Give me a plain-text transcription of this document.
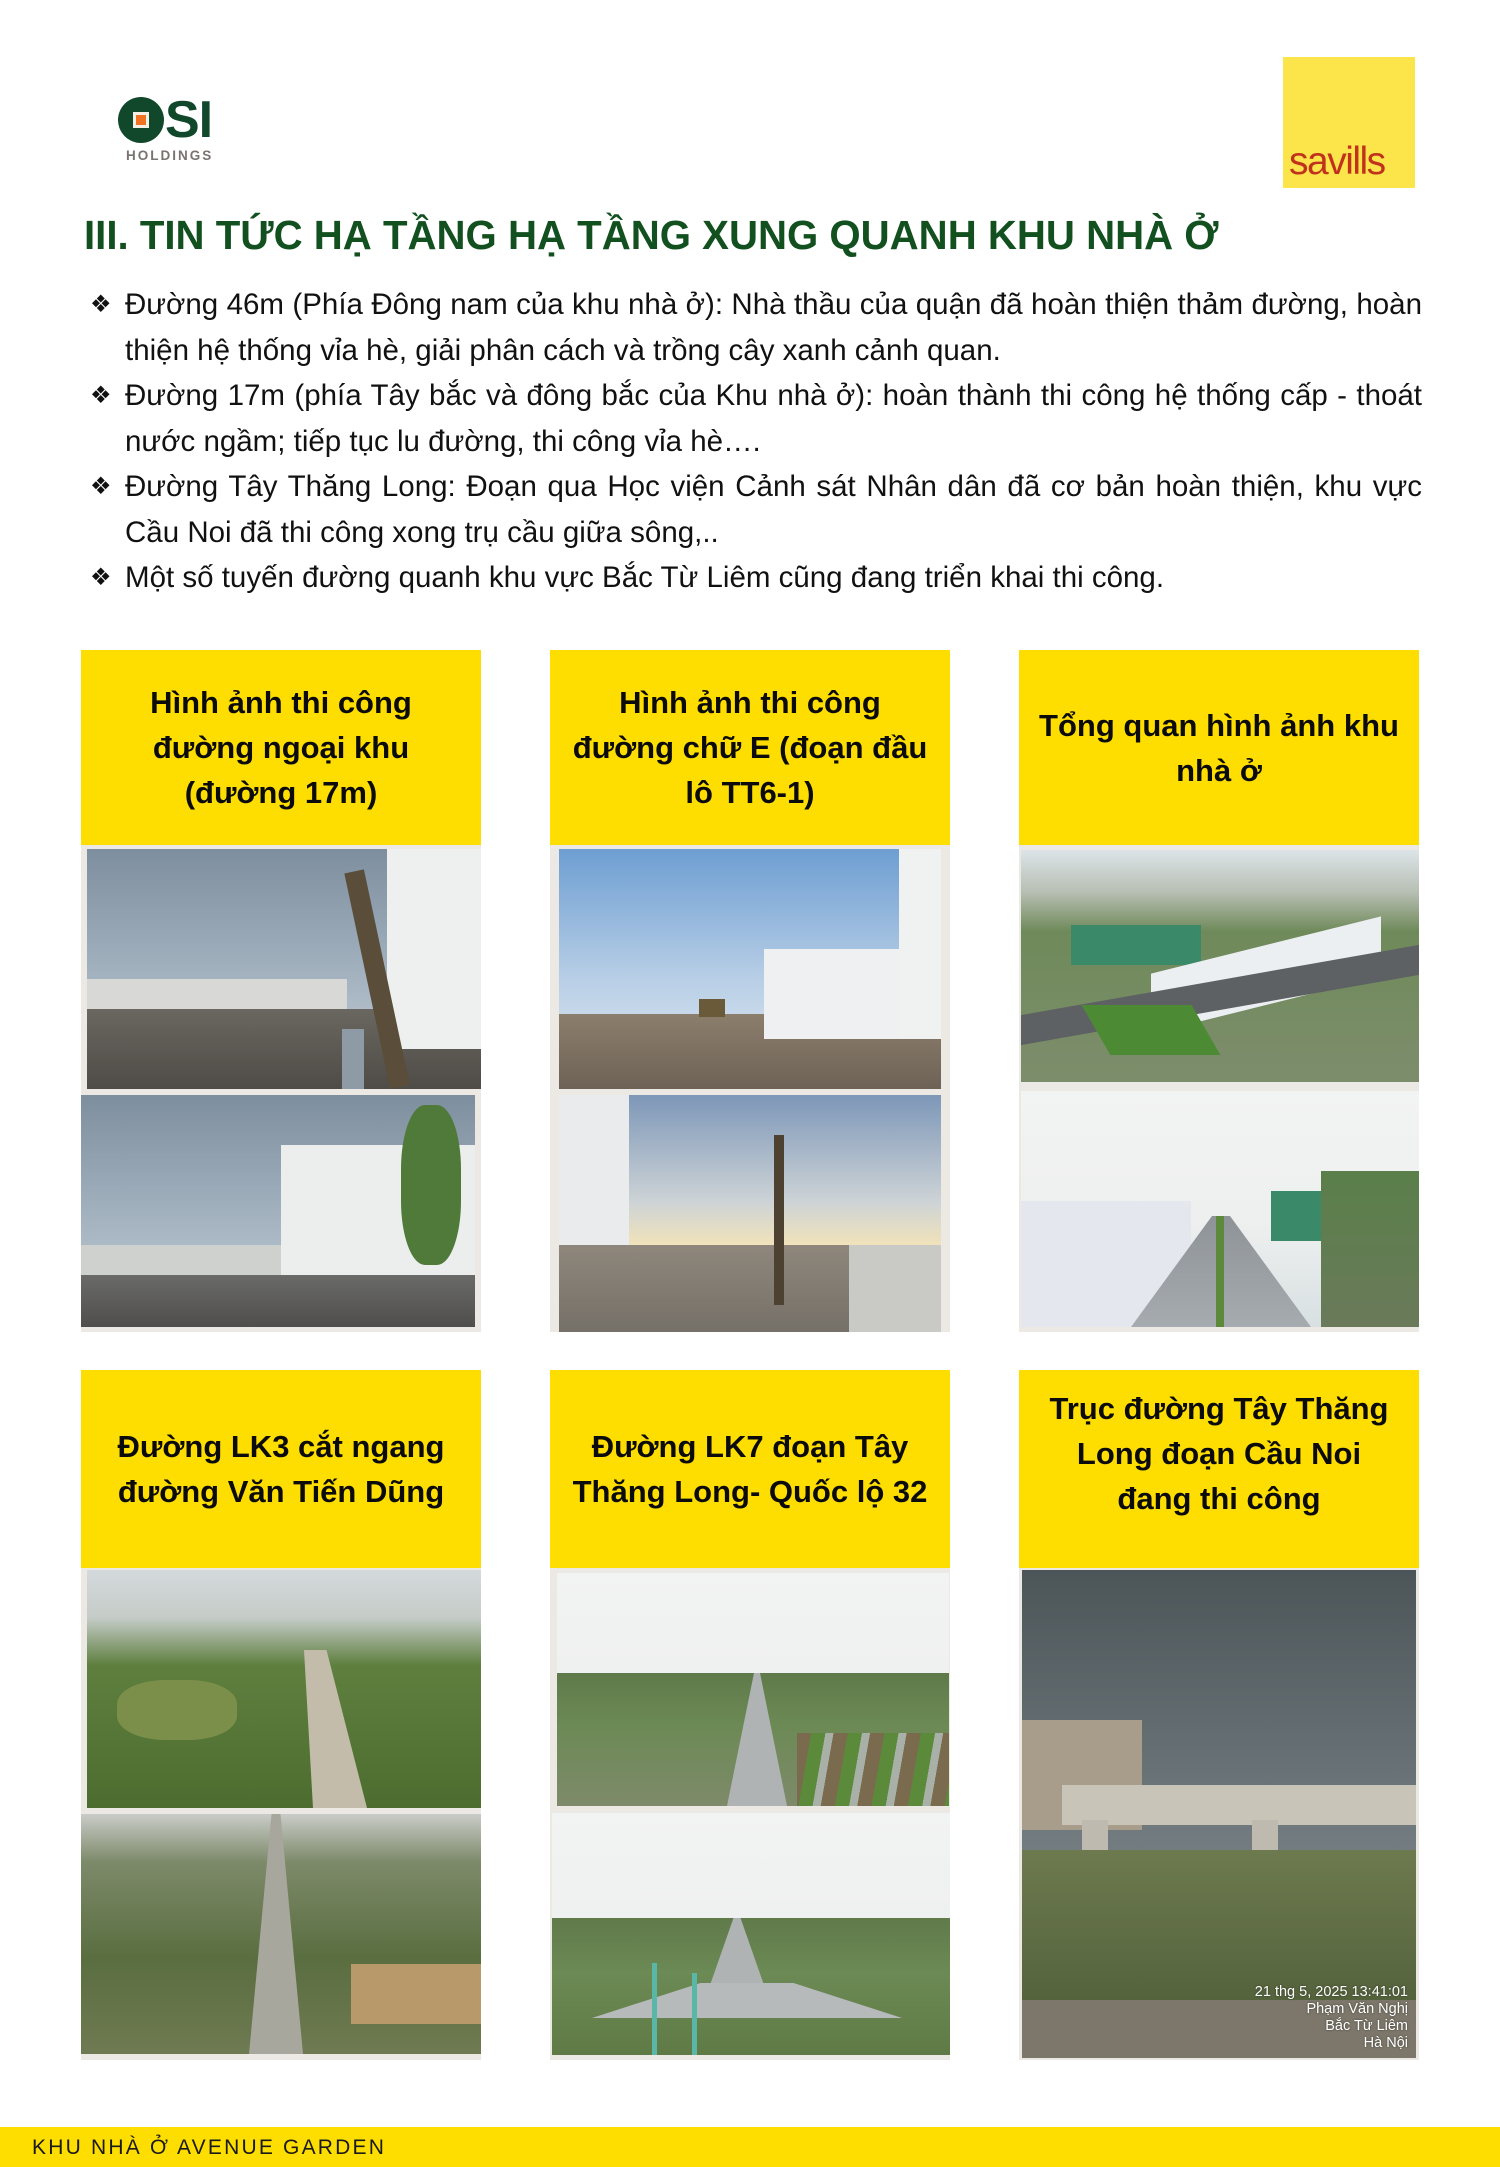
SI
HOLDINGS	savills
III. TIN TỨC HẠ TẦNG HẠ TẦNG XUNG QUANH KHU NHÀ Ở
❖ Đường 46m (Phía Đông nam của khu nhà ở): Nhà thầu của quận đã hoàn thiện thảm đường, hoàn thiện hệ thống vỉa hè, giải phân cách và trồng cây xanh cảnh quan.
❖ Đường 17m (phía Tây bắc và đông bắc của Khu nhà ở): hoàn thành thi công hệ thống cấp - thoát nước ngầm; tiếp tục lu đường, thi công vỉa hè….
❖ Đường Tây Thăng Long: Đoạn qua Học viện Cảnh sát Nhân dân đã cơ bản hoàn thiện, khu vực Cầu Noi đã thi công xong trụ cầu giữa sông,..
❖ Một số tuyến đường quanh khu vực Bắc Từ Liêm cũng đang triển khai thi công.
Hình ảnh thi công đường ngoại khu (đường 17m)
Hình ảnh thi công đường chữ E (đoạn đầu lô TT6-1)
Tổng quan hình ảnh khu nhà ở
Đường LK3 cắt ngang đường Văn Tiến Dũng
Đường LK7 đoạn Tây Thăng Long- Quốc lộ 32
Trục đường Tây Thăng Long đoạn Cầu Noi đang thi công
21 thg 5, 2025 13:41:01
Phạm Văn Nghị
Bắc Từ Liêm
Hà Nội
KHU NHÀ Ở AVENUE GARDEN
